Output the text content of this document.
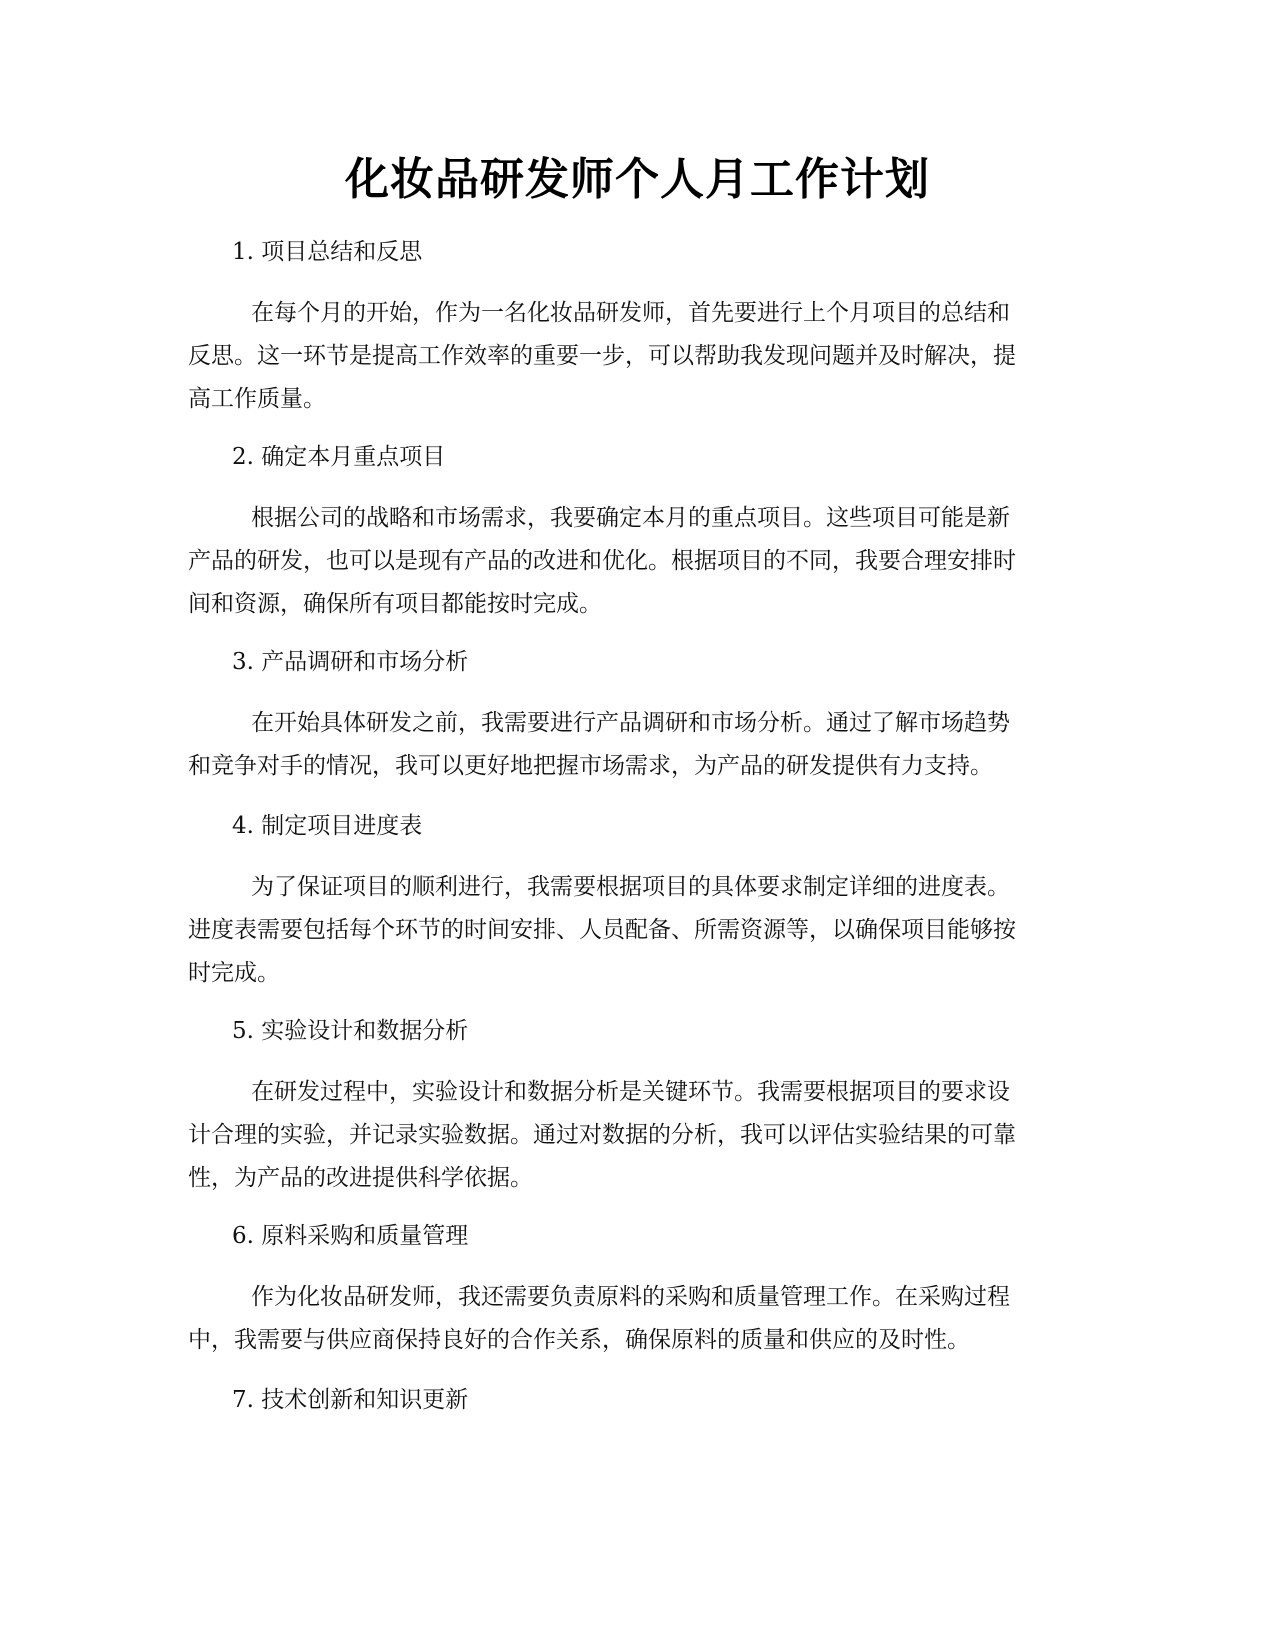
化妆品研发师个人月工作计划
1. 项目总结和反思
在每个月的开始，作为一名化妆品研发师，首先要进行上个月项目的总结和
反思。这一环节是提高工作效率的重要一步，可以帮助我发现问题并及时解决，提
高工作质量。
2. 确定本月重点项目
根据公司的战略和市场需求，我要确定本月的重点项目。这些项目可能是新
产品的研发，也可以是现有产品的改进和优化。根据项目的不同，我要合理安排时
间和资源，确保所有项目都能按时完成。
3. 产品调研和市场分析
在开始具体研发之前，我需要进行产品调研和市场分析。通过了解市场趋势
和竞争对手的情况，我可以更好地把握市场需求，为产品的研发提供有力支持。
4. 制定项目进度表
为了保证项目的顺利进行，我需要根据项目的具体要求制定详细的进度表。
进度表需要包括每个环节的时间安排、人员配备、所需资源等，以确保项目能够按
时完成。
5. 实验设计和数据分析
在研发过程中，实验设计和数据分析是关键环节。我需要根据项目的要求设
计合理的实验，并记录实验数据。通过对数据的分析，我可以评估实验结果的可靠
性，为产品的改进提供科学依据。
6. 原料采购和质量管理
作为化妆品研发师，我还需要负责原料的采购和质量管理工作。在采购过程
中，我需要与供应商保持良好的合作关系，确保原料的质量和供应的及时性。
7. 技术创新和知识更新
